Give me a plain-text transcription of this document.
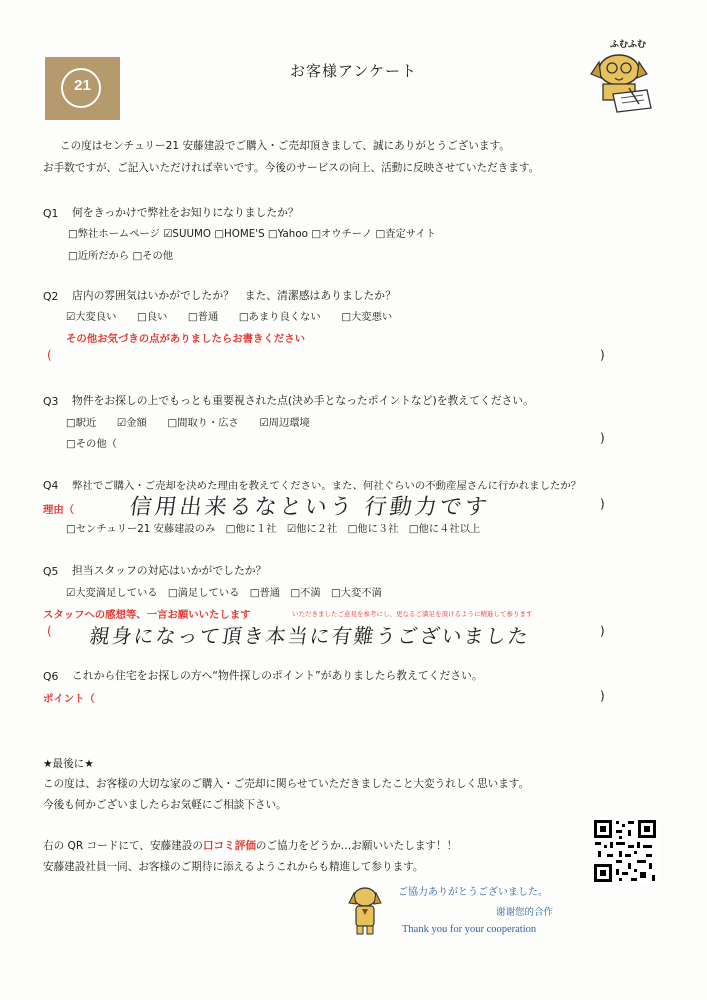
21
お客様アンケート
ふむふむ
この度はセンチュリー21 安藤建設でご購入・ご売却頂きまして、誠にありがとうございます。
お手数ですが、ご記入いただければ幸いです。今後のサービスの向上、活動に反映させていただきます。
Q1 何をきっかけで弊社をお知りになりましたか？
□弊社ホームページ ☑SUUMO □HOME'S □Yahoo □オウチーノ □査定サイト
□近所だから □その他
Q2 店内の雰囲気はいかがでしたか？　また、清潔感はありましたか？
☑大変良い　　□良い　　□普通　　□あまり良くない　　□大変悪い
その他お気づきの点がありましたらお書きください
(	)
Q3 物件をお探しの上でもっとも重要視された点(決め手となったポイントなど)を教えてください。
□駅近　　☑金額　　□間取り・広さ　　☑周辺環境
□その他（	)
Q4 弊社でご購入・ご売却を決めた理由を教えてください。また、何社ぐらいの不動産屋さんに行かれましたか？
理由（ 信用出来るなという 行動力です	)
□センチュリー21 安藤建設のみ　□他に１社　☑他に２社　□他に３社　□他に４社以上
Q5 担当スタッフの対応はいかがでしたか？
☑大変満足している　□満足している　□普通　□不満　□大変不満
スタッフへの感想等、一言お願いいたします	いただきましたご意見を参考にし、更なるご満足を頂けるように精進して参ります
( 親身になって頂き本当に有難うございました	)
Q6 これから住宅をお探しの方へ“物件探しのポイント”がありましたら教えてください。
ポイント（	)
★最後に★
この度は、お客様の大切な家のご購入・ご売却に関らせていただきましたこと大変うれしく思います。
今後も何かございましたらお気軽にご相談下さい。
右の QR コードにて、安藤建設の口コミ評価のご協力をどうか…お願いいたします！！
安藤建設社員一同、お客様のご期待に添えるようこれからも精進して参ります。
ご協力ありがとうございました。
谢谢您的合作
Thank you for your cooperation
